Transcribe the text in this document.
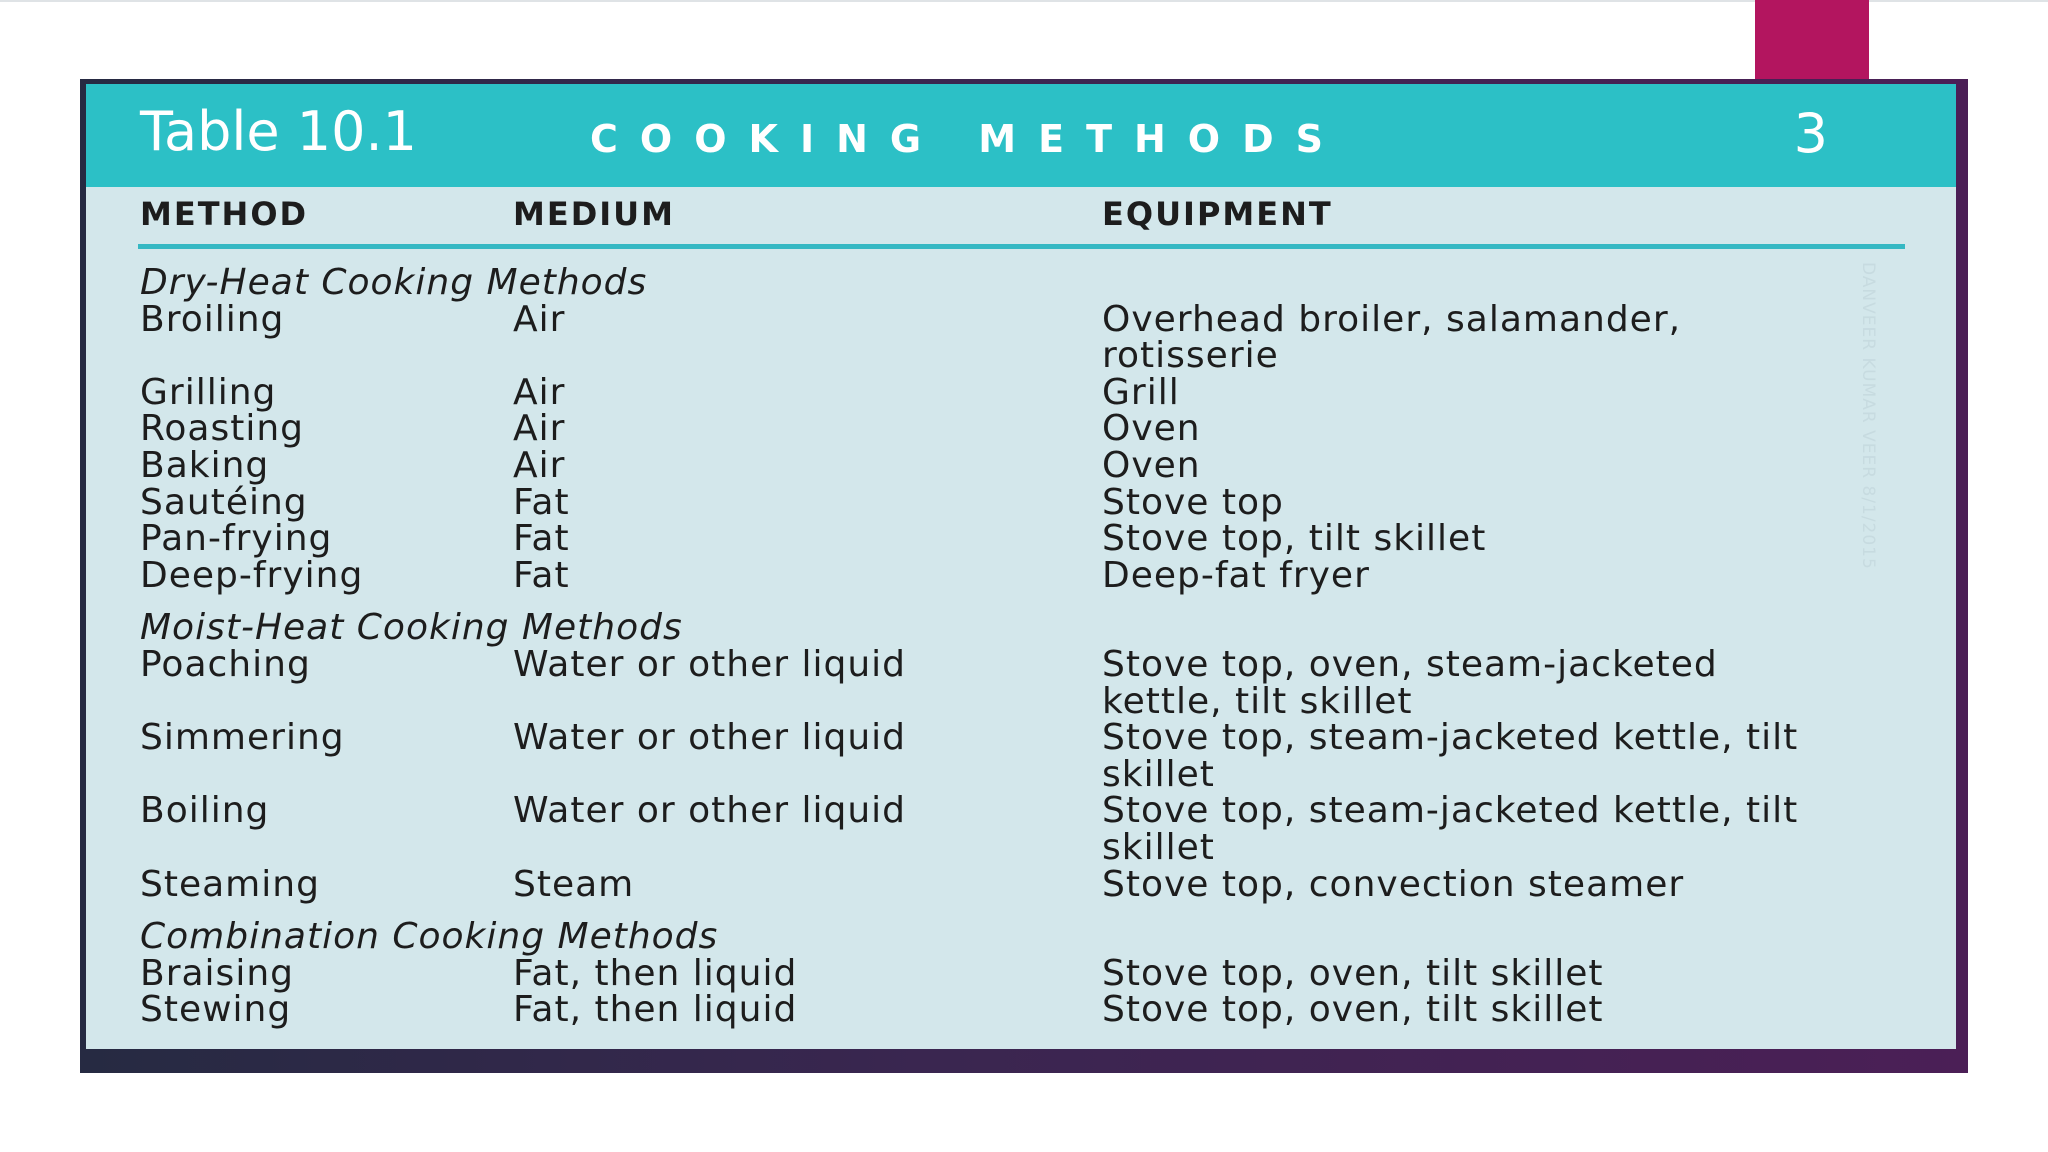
Table 10.1	COOKING METHODS	3
METHOD	MEDIUM	EQUIPMENT
DANVEER KUMAR VEER 8/1/2015
Dry-Heat Cooking Methods
Broiling	Air	Overhead broiler, salamander,
rotisserie
Grilling	Air	Grill
Roasting	Air	Oven
Baking	Air	Oven
Sautéing	Fat	Stove top
Pan-frying	Fat	Stove top, tilt skillet
Deep-frying	Fat	Deep-fat fryer
Moist-Heat Cooking Methods
Poaching	Water or other liquid	Stove top, oven, steam-jacketed
kettle, tilt skillet
Simmering	Water or other liquid	Stove top, steam-jacketed kettle, tilt
skillet
Boiling	Water or other liquid	Stove top, steam-jacketed kettle, tilt
skillet
Steaming	Steam	Stove top, convection steamer
Combination Cooking Methods
Braising	Fat, then liquid	Stove top, oven, tilt skillet
Stewing	Fat, then liquid	Stove top, oven, tilt skillet
